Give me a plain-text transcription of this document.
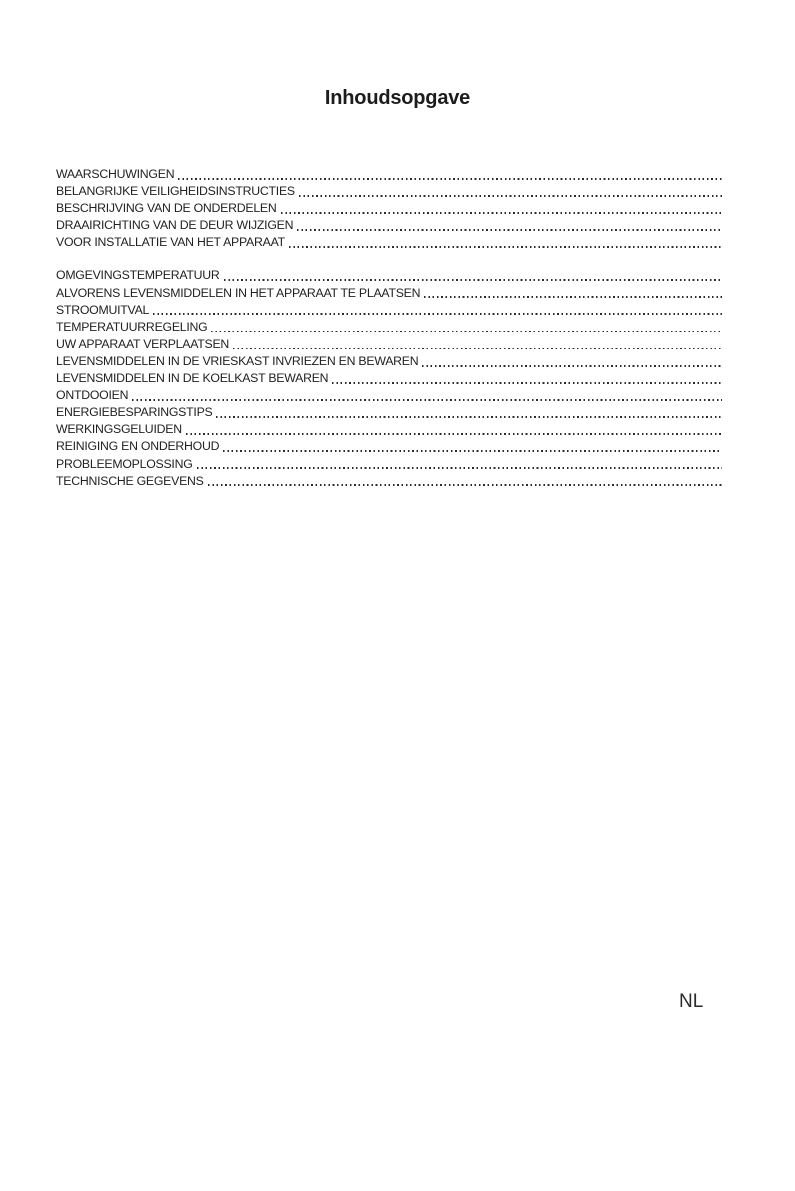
Inhoudsopgave
WAARSCHUWINGEN
BELANGRIJKE VEILIGHEIDSINSTRUCTIES
BESCHRIJVING VAN DE ONDERDELEN
DRAAIRICHTING VAN DE DEUR WIJZIGEN
VOOR INSTALLATIE VAN HET APPARAAT
OMGEVINGSTEMPERATUUR
ALVORENS LEVENSMIDDELEN IN HET APPARAAT TE PLAATSEN
STROOMUITVAL
TEMPERATUURREGELING
UW APPARAAT VERPLAATSEN
LEVENSMIDDELEN IN DE VRIESKAST INVRIEZEN EN BEWAREN
LEVENSMIDDELEN IN DE KOELKAST BEWAREN
ONTDOOIEN
ENERGIEBESPARINGSTIPS
WERKINGSGELUIDEN
REINIGING EN ONDERHOUD
PROBLEEMOPLOSSING
TECHNISCHE GEGEVENS
NL
